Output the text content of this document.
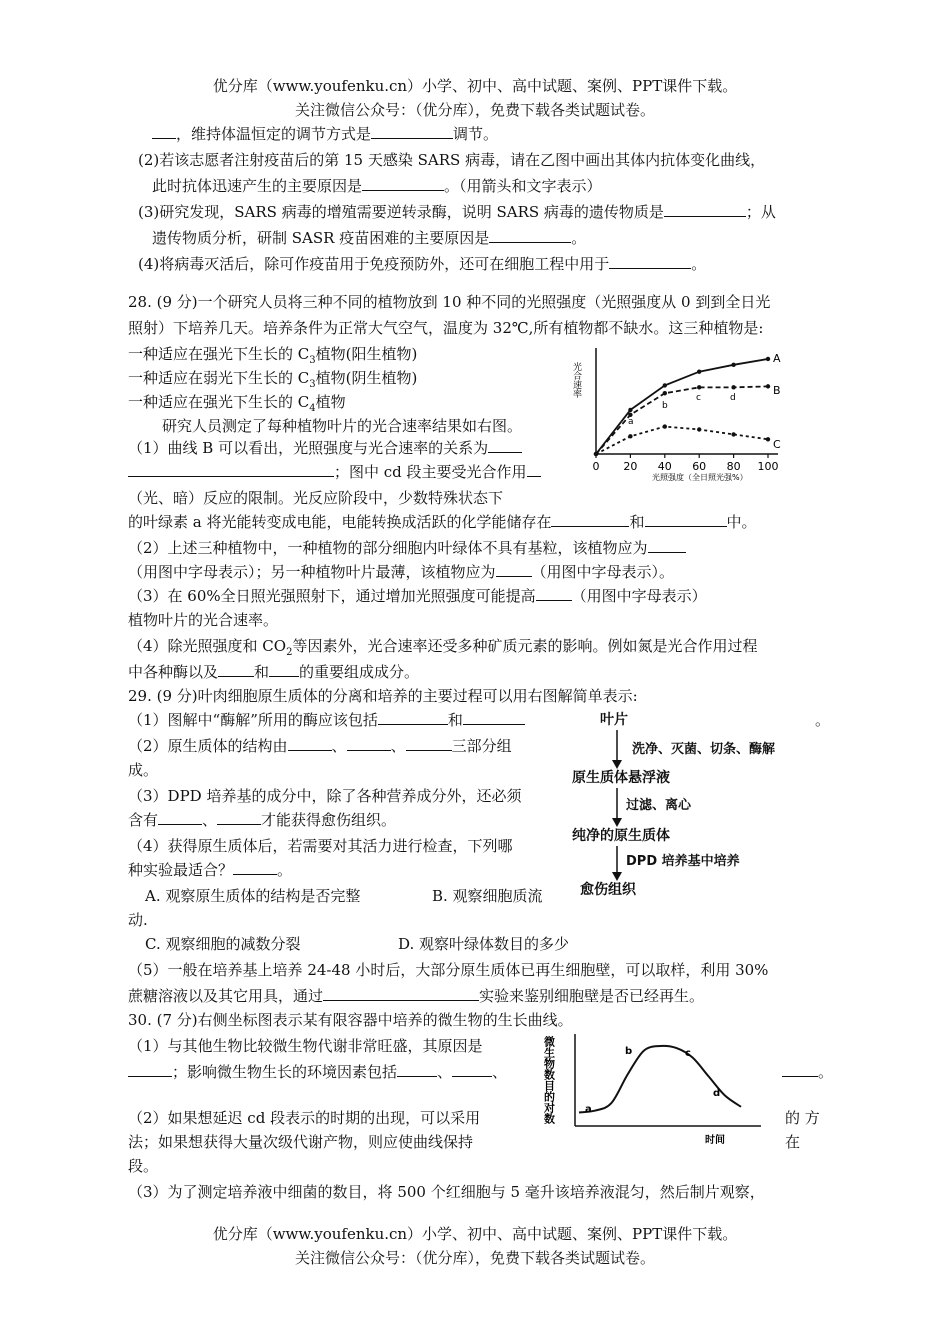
优分库（www.youfenku.cn）小学、初中、高中试题、案例、PPT课件下载。
关注微信公众号：（优分库），免费下载各类试题试卷。
，维持体温恒定的调节方式是	调节。
(2)若该志愿者注射疫苗后的第 15 天感染 SARS 病毒，请在乙图中画出其体内抗体变化曲线，
此时抗体迅速产生的主要原因是	。（用箭头和文字表示）
(3)研究发现，SARS 病毒的增殖需要逆转录酶，说明 SARS 病毒的遗传物质是	；从
遗传物质分析，研制 SASR 疫苗困难的主要原因是	。
(4)将病毒灭活后，除可作疫苗用于免疫预防外，还可在细胞工程中用于	。
28. (9 分)一个研究人员将三种不同的植物放到 10 种不同的光照强度（光照强度从 0 到到全日光
照射）下培养几天。培养条件为正常大气空气，温度为 32℃,所有植物都不缺水。这三种植物是:
一种适应在强光下生长的 $C_3$植物(阳生植物)
一种适应在弱光下生长的 $C_3$植物(阴生植物)
一种适应在强光下生长的 $C_4$植物
研究人员测定了每种植物叶片的光合速率结果如右图。
（1）曲线 B 可以看出，光照强度与光合速率的关系为
；图中 cd 段主要受光合作用
（光、暗）反应的限制。光反应阶段中，少数特殊状态下
的叶绿素 a 将光能转变成电能，电能转换成活跃的化学能储存在	和	中。
（2）上述三种植物中，一种植物的部分细胞内叶绿体不具有基粒，该植物应为
（用图中字母表示）；另一种植物叶片最薄，该植物应为 （用图中字母表示）。
（3）在 60%全日照光强照射下，通过增加光照强度可能提高 （用图中字母表示）
植物叶片的光合速率。
（4）除光照强度和 $CO_2$等因素外，光合速率还受多种矿质元素的影响。例如氮是光合作用过程
中各种酶以及 和 的重要组成成分。
光合速率
0 20 40 60 80 100
光照强度（全日照光强%）
A
B
C
a
b
c	d
29. (9 分)叶肉细胞原生质体的分离和培养的主要过程可以用右图解简单表示:
（1）图解中“酶解”所用的酶应该包括	和	。
（2）原生质体的结构由	、	、	三部分组
成。
（3）DPD 培养基的成分中，除了各种营养成分外，还必须
含有	、	才能获得愈伤组织。
（4）获得原生质体后，若需要对其活力进行检查，下列哪
种实验最适合？	。
A. 观察原生质体的结构是否完整	B. 观察细胞质流
动.
C. 观察细胞的减数分裂	D. 观察叶绿体数目的多少
（5）一般在培养基上培养 24-48 小时后，大部分原生质体已再生细胞壁，可以取样，利用 30%
蔗糖溶液以及其它用具，通过	实验来鉴别细胞壁是否已经再生。
叶片
洗净、灭菌、切条、酶解
原生质体悬浮液
过滤、离心
纯净的原生质体
DPD 培养基中培养
愈伤组织
30. (7 分)右侧坐标图表示某有限容器中培养的微生物的生长曲线。
（1）与其他生物比较微生物代谢非常旺盛，其原因是
；影响微生物生长的环境因素包括	、	、	。
（2）如果想延迟 cd 段表示的时期的出现，可以采用	的 方
法；如果想获得大量次级代谢产物，则应使曲线保持	在
段。
（3）为了测定培养液中细菌的数目，将 500 个红细胞与 5 毫升该培养液混匀，然后制片观察，
微生物数目的对数	a
b	c
d
时间
优分库（www.youfenku.cn）小学、初中、高中试题、案例、PPT课件下载。
关注微信公众号：（优分库），免费下载各类试题试卷。
